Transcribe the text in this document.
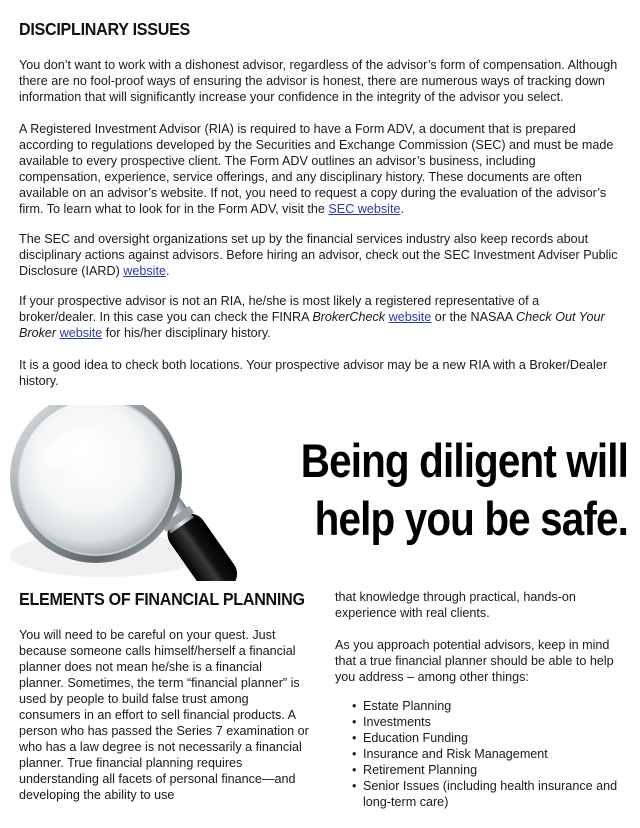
DISCIPLINARY ISSUES

You don’t want to work with a dishonest advisor, regardless of the advisor’s form of compensation. Although there are no fool-proof ways of ensuring the advisor is honest, there are numerous ways of tracking down information that will significantly increase your confidence in the integrity of the advisor you select.

A Registered Investment Advisor (RIA) is required to have a Form ADV, a document that is prepared according to regulations developed by the Securities and Exchange Commission (SEC) and must be made available to every prospective client. The Form ADV outlines an advisor’s business, including compensation, experience, service offerings, and any disciplinary history. These documents are often available on an advisor’s website. If not, you need to request a copy during the evaluation of the advisor’s firm. To learn what to look for in the Form ADV, visit the SEC website.

The SEC and oversight organizations set up by the financial services industry also keep records about disciplinary actions against advisors. Before hiring an advisor, check out the SEC Investment Adviser Public Disclosure (IARD) website.

If your prospective advisor is not an RIA, he/she is most likely a registered representative of a broker/dealer. In this case you can check the FINRA BrokerCheck website or the NASAA Check Out Your Broker website for his/her disciplinary history.

It is a good idea to check both locations. Your prospective advisor may be a new RIA with a Broker/Dealer history.

Being diligent will
help you be safe.
ELEMENTS OF FINANCIAL PLANNING

You will need to be careful on your quest. Just because someone calls himself/herself a financial planner does not mean he/she is a financial planner. Sometimes, the term “financial planner” is used by people to build false trust among consumers in an effort to sell financial products. A person who has passed the Series 7 examination or who has a law degree is not necessarily a financial planner. True financial planning requires understanding all facets of personal finance—and developing the ability to use

that knowledge through practical, hands-on experience with real clients.

As you approach potential advisors, keep in mind that a true financial planner should be able to help you address – among other things:

• Estate Planning
• Investments
• Education Funding
• Insurance and Risk Management
• Retirement Planning
• Senior Issues (including health insurance and long-term care)
